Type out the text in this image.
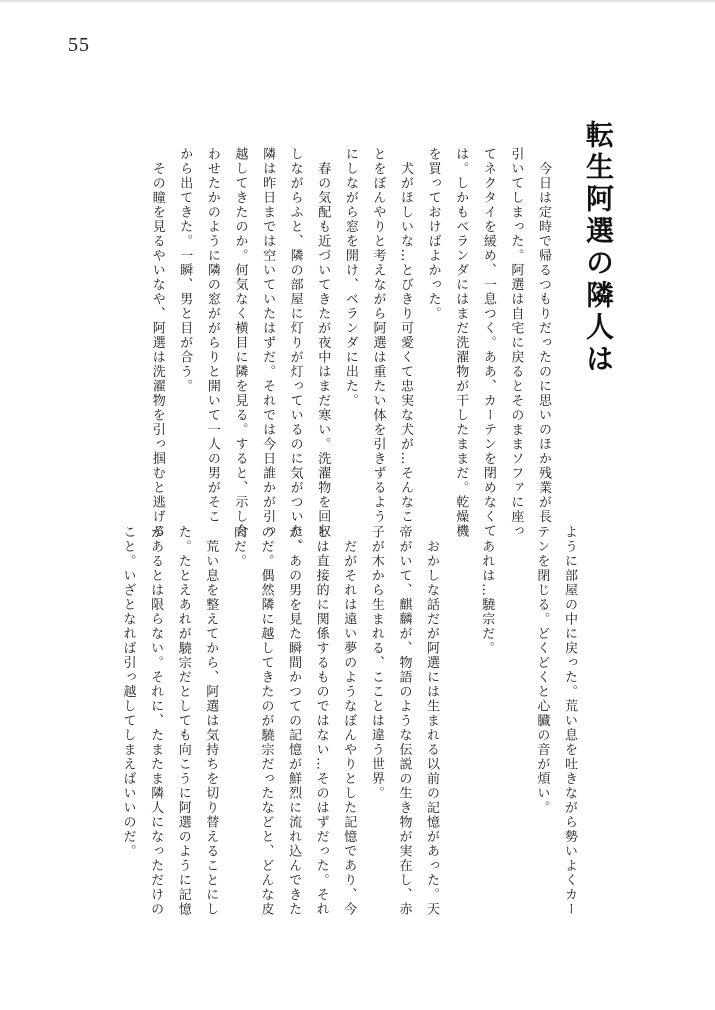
55
転生阿選の隣人は
　今日は定時で帰るつもりだったのに思いのほか残業が長
引いてしまった。阿選は自宅に戻るとそのままソファに座っ
てネクタイを緩め、一息つく。ああ、カーテンを閉めなくて
は。しかもベランダにはまだ洗濯物が干したままだ。乾燥機
を買っておけばよかった。
　犬がほしいな…とびきり可愛くて忠実な犬が…そんなこ
とをぼんやりと考えながら阿選は重たい体を引きずるよう
にしながら窓を開け、ベランダに出た。
　春の気配も近づいてきたが夜中はまだ寒い。洗濯物を回収
しながらふと、隣の部屋に灯りが灯っているのに気がついた。
隣は昨日までは空いていたはずだ。それでは今日誰かが引っ
越してきたのか。何気なく横目に隣を見る。すると、示し合
わせたかのように隣の窓ががらりと開いて一人の男がそこ
から出てきた。一瞬、男と目が合う。
　その瞳を見るやいなや、阿選は洗濯物を引っ掴むと逃げる
ように部屋の中に戻った。荒い息を吐きながら勢いよくカー
テンを閉じる。どくどくと心臓の音が煩い。
　あれは…驍宗だ。
　おかしな話だが阿選には生まれる以前の記憶があった。天
帝がいて、麒麟が、物語のような伝説の生き物が実在し、赤
子が木から生まれる、こことは違う世界。
　だがそれは遠い夢のようなぼんやりとした記憶であり、今
とは直接的に関係するものではない…そのはずだった。それ
が、あの男を見た瞬間かつての記憶が鮮烈に流れ込んできた
のだ。偶然隣に越してきたのが驍宗だったなどと、どんな皮
肉だ。
　荒い息を整えてから、阿選は気持ちを切り替えることにし
た。たとえあれが驍宗だとしても向こうに阿選のように記憶
があるとは限らない。それに、たまたま隣人になっただけの
こと。いざとなれば引っ越してしまえばいいのだ。
